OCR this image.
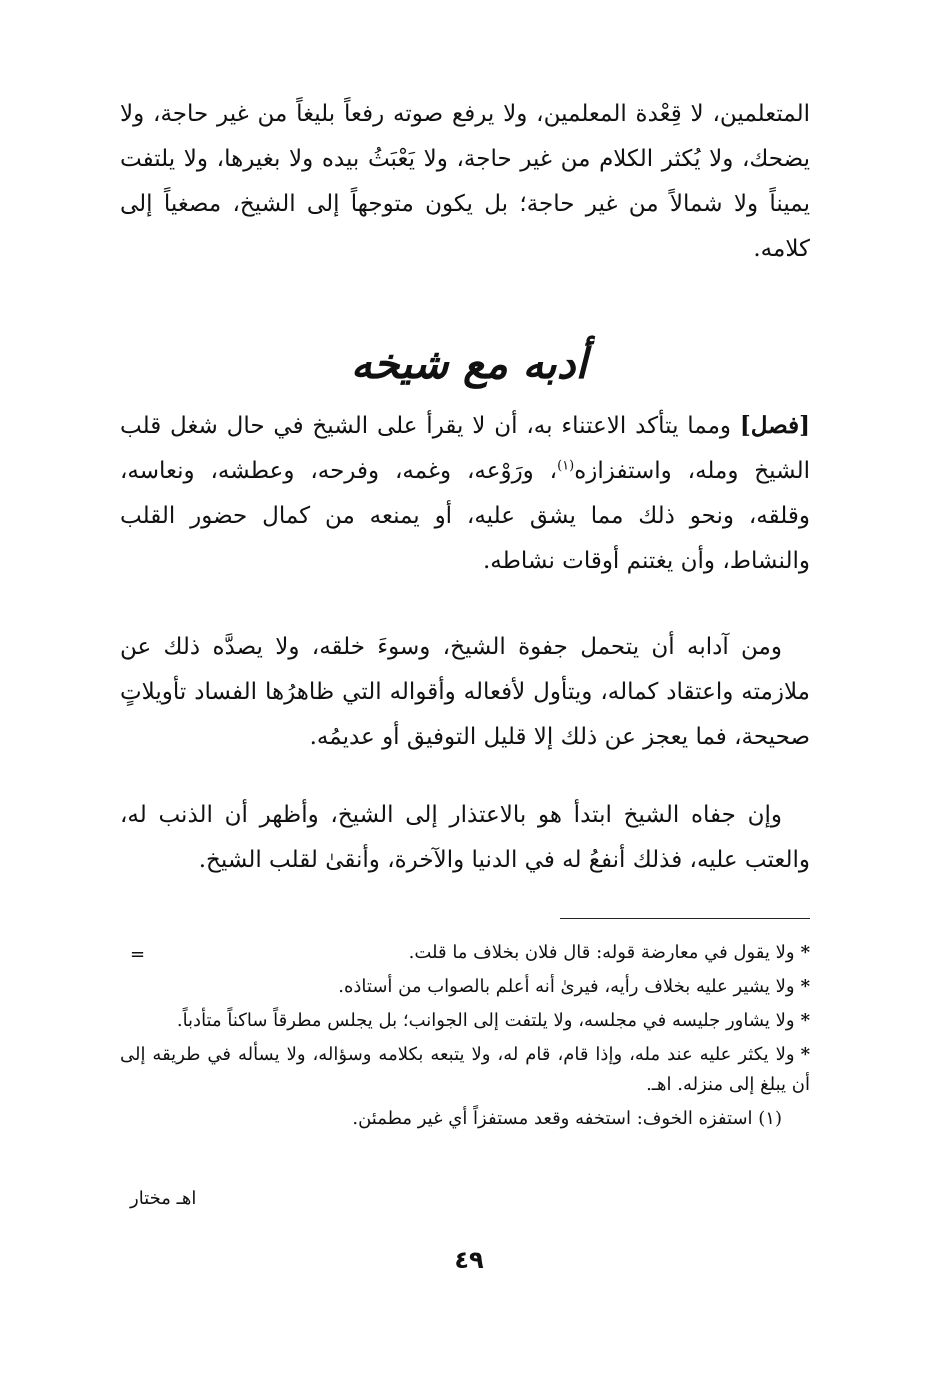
المتعلمين، لا قِعْدة المعلمين، ولا يرفع صوته رفعاً بليغاً من غير حاجة، ولا يضحك، ولا يُكثر الكلام من غير حاجة، ولا يَعْبَثُ بيده ولا بغيرها، ولا يلتفت يميناً ولا شمالاً من غير حاجة؛ بل يكون متوجهاً إلى الشيخ، مصغياً إلى كلامه.

أدبه مع شيخه

[فصل] ومما يتأكد الاعتناء به، أن لا يقرأ على الشيخ في حال شغل قلب الشيخ ومله، واستفزازه$^{(١)}$، ورَوْعه، وغمه، وفرحه، وعطشه، ونعاسه، وقلقه، ونحو ذلك مما يشق عليه، أو يمنعه من كمال حضور القلب والنشاط، وأن يغتنم أوقات نشاطه.

ومن آدابه أن يتحمل جفوة الشيخ، وسوءَ خلقه، ولا يصدَّه ذلك عن ملازمته واعتقاد كماله، ويتأول لأفعاله وأقواله التي ظاهرُها الفساد تأويلاتٍ صحيحة، فما يعجز عن ذلك إلا قليل التوفيق أو عديمُه.

وإن جفاه الشيخ ابتدأ هو بالاعتذار إلى الشيخ، وأظهر أن الذنب له، والعتب عليه، فذلك أنفعُ له في الدنيا والآخرة، وأنقىٰ لقلب الشيخ.

=	*ولا يقول في معارضة قوله: قال فلان بخلاف ما قلت.
*ولا يشير عليه بخلاف رأيه، فيرىٰ أنه أعلم بالصواب من أستاذه.
*ولا يشاور جليسه في مجلسه، ولا يلتفت إلى الجوانب؛ بل يجلس مطرقاً ساكناً متأدباً.
*ولا يكثر عليه عند مله، وإذا قام، قام له، ولا يتبعه بكلامه وسؤاله، ولا يسأله في طريقه إلى أن يبلغ إلى منزله. اهـ.
(١) استفزه الخوف: استخفه وقعد مستفزاً أي غير مطمئن.
اهـ مختار
٤٩
